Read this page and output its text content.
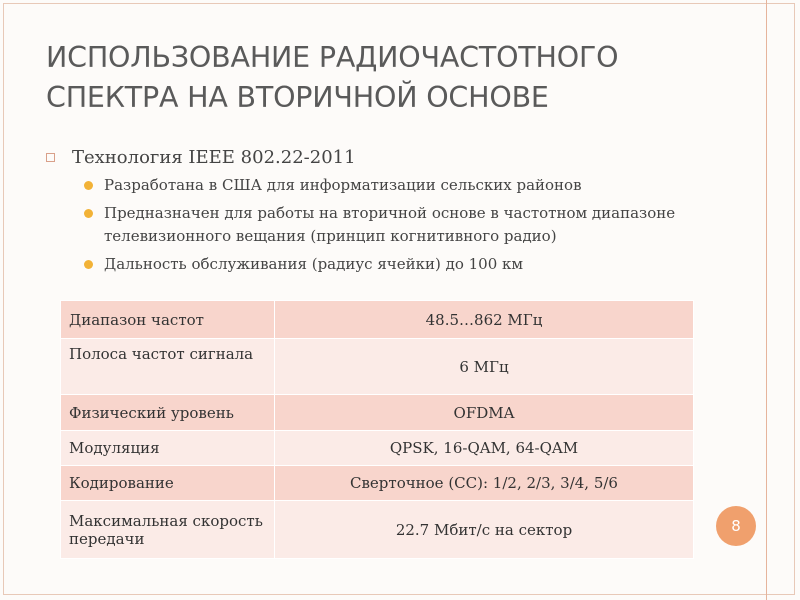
ИСПОЛЬЗОВАНИЕ РАДИОЧАСТОТНОГО
СПЕКТРА НА ВТОРИЧНОЙ ОСНОВЕ
Технология IEEE 802.22-2011
Разработана в США для информатизации сельских районов
Предназначен для работы на вторичной основе в частотном диапазоне телевизионного вещания (принцип когнитивного радио)
Дальность обслуживания (радиус ячейки) до 100 км
Диапазон частот	48.5…862 МГц
Полоса частот сигнала	6 МГц
Физический уровень	OFDMA
Модуляция	QPSK, 16-QAM, 64-QAM
Кодирование	Сверточное (CC): 1/2, 2/3, 3/4, 5/6
Максимальная скорость передачи	22.7 Мбит/с на сектор	8
